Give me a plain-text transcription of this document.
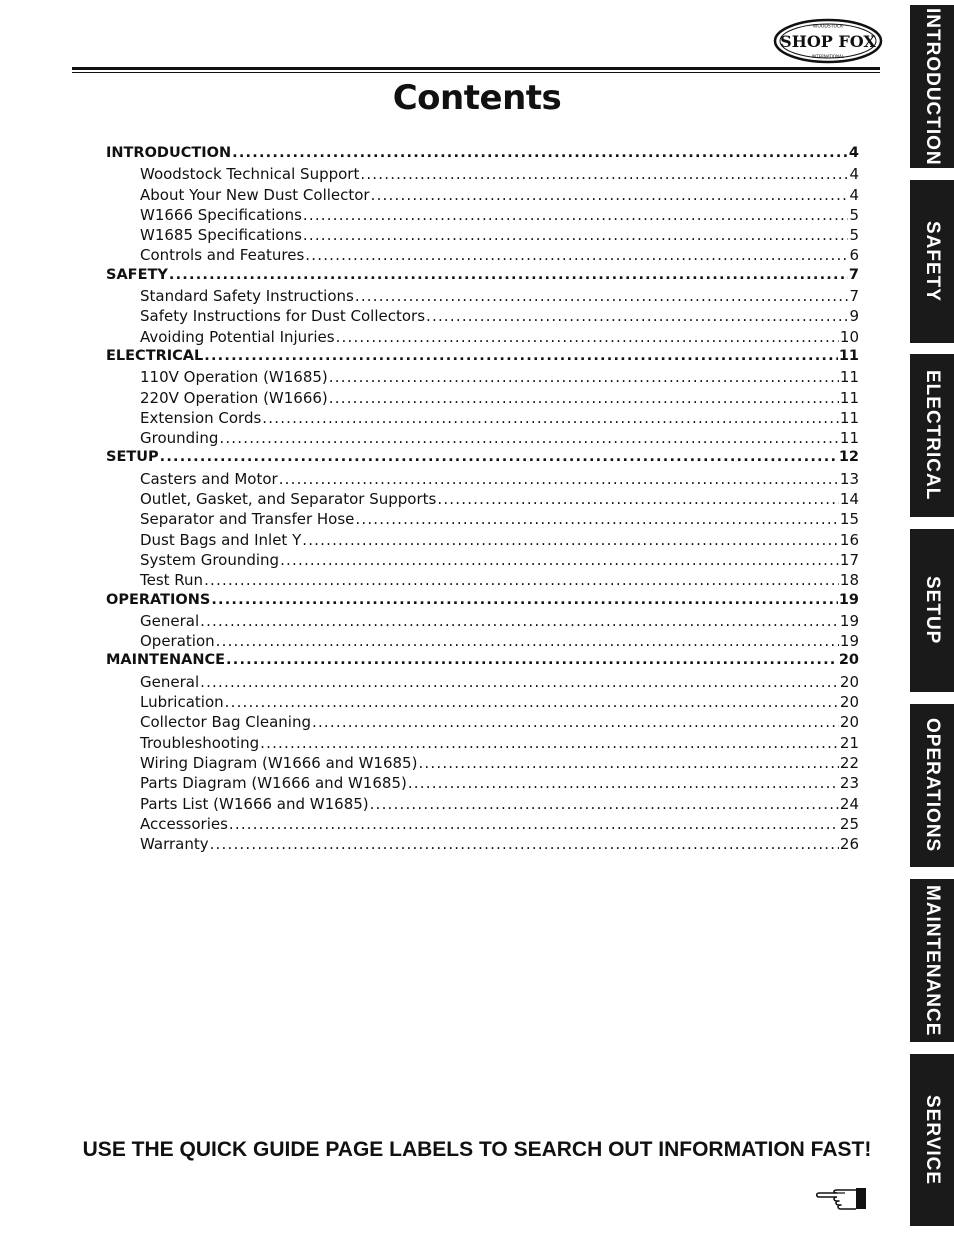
WOODSTOCK
SHOP FOX
INTERNATIONAL
Contents
INTRODUCTION .....	4
Woodstock Technical Support .....	4
About Your New Dust Collector .....	4
W1666 Specifications .....	5
W1685 Specifications .....	5
Controls and Features .....	6
SAFETY .....	7
Standard Safety Instructions .....	7
Safety Instructions for Dust Collectors .....	9
Avoiding Potential Injuries .....	10
ELECTRICAL .....	11
110V Operation (W1685) .....	11
220V Operation (W1666) .....	11
Extension Cords .....	11
Grounding .....	11
SETUP .....	12
Casters and Motor .....	13
Outlet, Gasket, and Separator Supports .....	14
Separator and Transfer Hose .....	15
Dust Bags and Inlet Y .....	16
System Grounding .....	17
Test Run .....	18
OPERATIONS .....	19
General .....	19
Operation .....	19
MAINTENANCE .....	20
General .....	20
Lubrication .....	20
Collector Bag Cleaning .....	20
Troubleshooting .....	21
Wiring Diagram (W1666 and W1685) .....	22
Parts Diagram (W1666 and W1685) .....	23
Parts List (W1666 and W1685) .....	24
Accessories .....	25
Warranty .....	26
USE THE QUICK GUIDE PAGE LABELS TO SEARCH OUT INFORMATION FAST!
INTRODUCTION
SAFETY
ELECTRICAL
SETUP
OPERATIONS
MAINTENANCE
SERVICE
